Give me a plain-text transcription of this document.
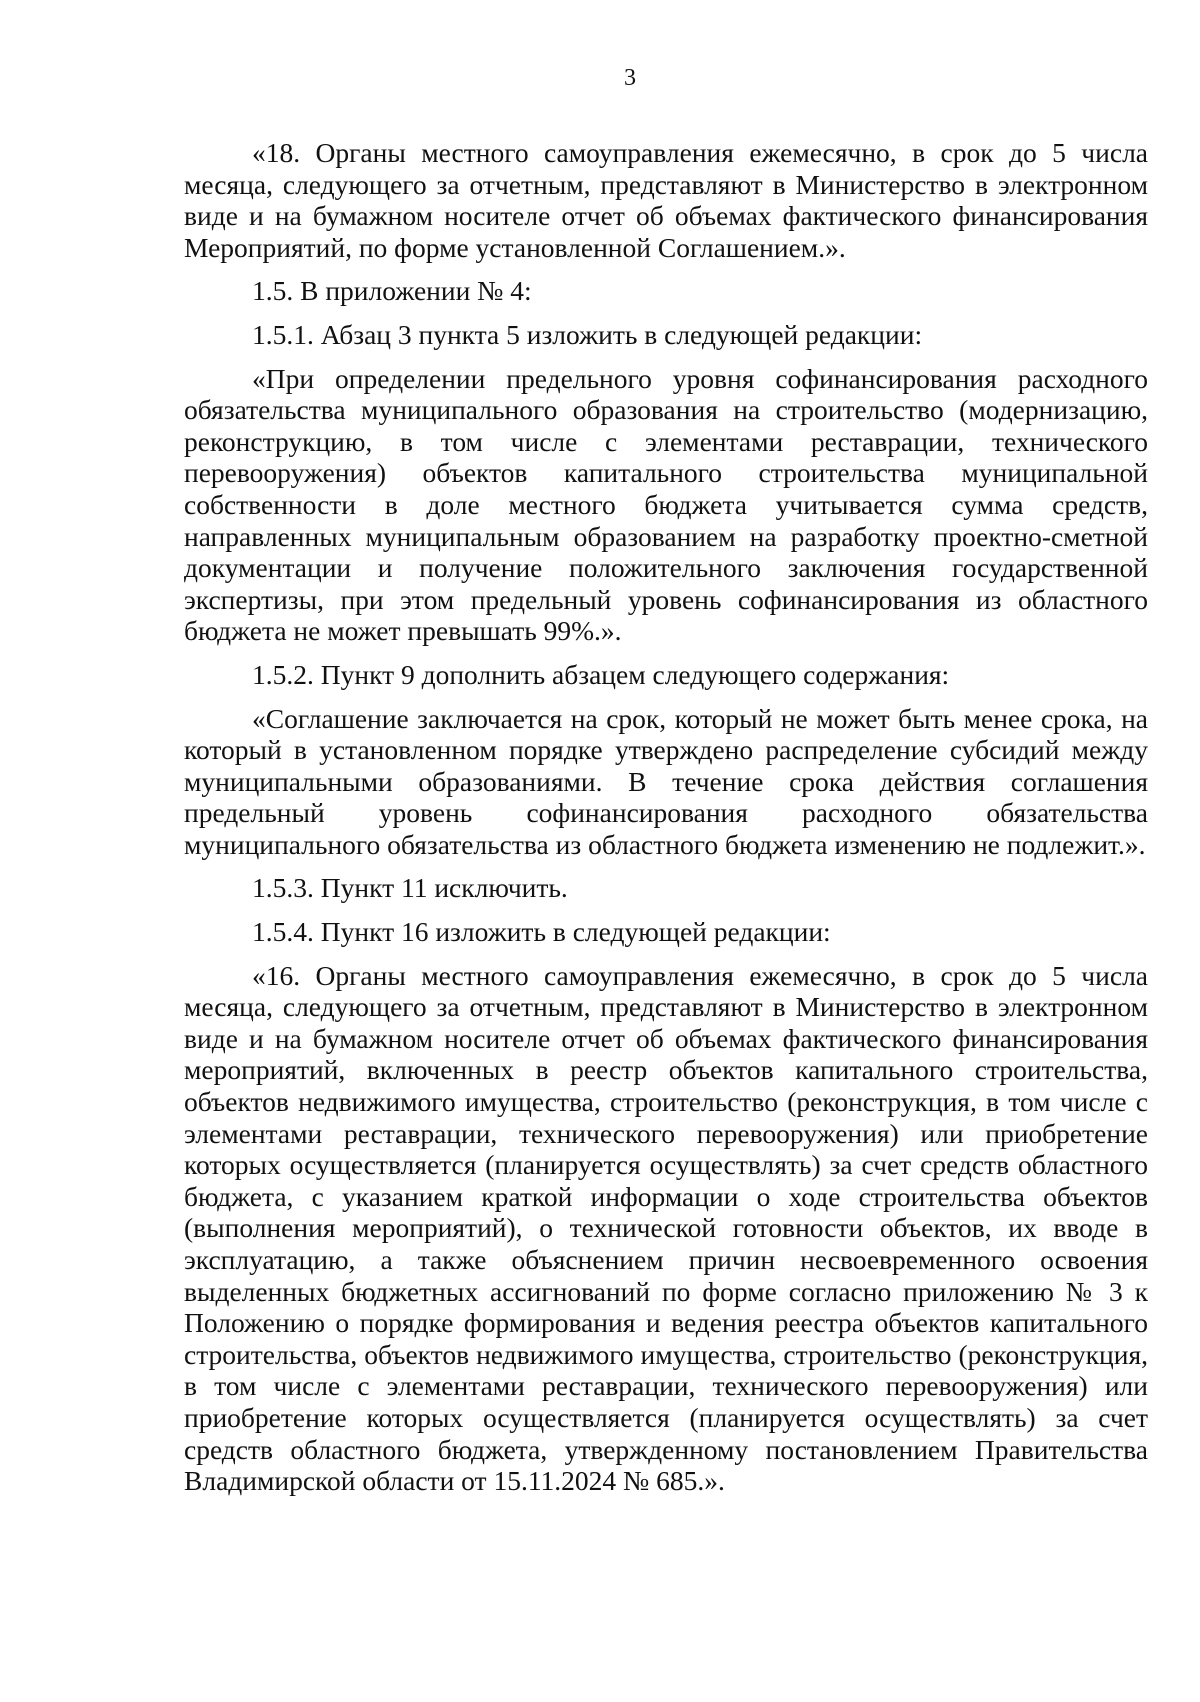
3

«18. Органы местного самоуправления ежемесячно, в срок до 5 числа месяца, следующего за отчетным, представляют в Министерство в электронном виде и на бумажном носителе отчет об объемах фактического финансирования Мероприятий, по форме установленной Соглашением.».

1.5. В приложении № 4:

1.5.1. Абзац 3 пункта 5 изложить в следующей редакции:

«При определении предельного уровня софинансирования расходного обязательства муниципального образования на строительство (модернизацию, реконструкцию, в том числе с элементами реставрации, технического перевооружения) объектов капитального строительства муниципальной собственности в доле местного бюджета учитывается сумма средств, направленных муниципальным образованием на разработку проектно-сметной документации и получение положительного заключения государственной экспертизы, при этом предельный уровень софинансирования из областного бюджета не может превышать 99%.».

1.5.2. Пункт 9 дополнить абзацем следующего содержания:

«Соглашение заключается на срок, который не может быть менее срока, на который в установленном порядке утверждено распределение субсидий между муниципальными образованиями. В течение срока действия соглашения предельный уровень софинансирования расходного обязательства муниципального обязательства из областного бюджета изменению не подлежит.».

1.5.3. Пункт 11 исключить.

1.5.4. Пункт 16 изложить в следующей редакции:

«16. Органы местного самоуправления ежемесячно, в срок до 5 числа месяца, следующего за отчетным, представляют в Министерство в электронном виде и на бумажном носителе отчет об объемах фактического финансирования мероприятий, включенных в реестр объектов капитального строительства, объектов недвижимого имущества, строительство (реконструкция, в том числе с элементами реставрации, технического перевооружения) или приобретение которых осуществляется (планируется осуществлять) за счет средств областного бюджета, с указанием краткой информации о ходе строительства объектов (выполнения мероприятий), о технической готовности объектов, их вводе в эксплуатацию, а также объяснением причин несвоевременного освоения выделенных бюджетных ассигнований по форме согласно приложению № 3 к Положению о порядке формирования и ведения реестра объектов капитального строительства, объектов недвижимого имущества, строительство (реконструкция, в том числе с элементами реставрации, технического перевооружения) или приобретение которых осуществляется (планируется осуществлять) за счет средств областного бюджета, утвержденному постановлением Правительства Владимирской области от 15.11.2024 № 685.».
